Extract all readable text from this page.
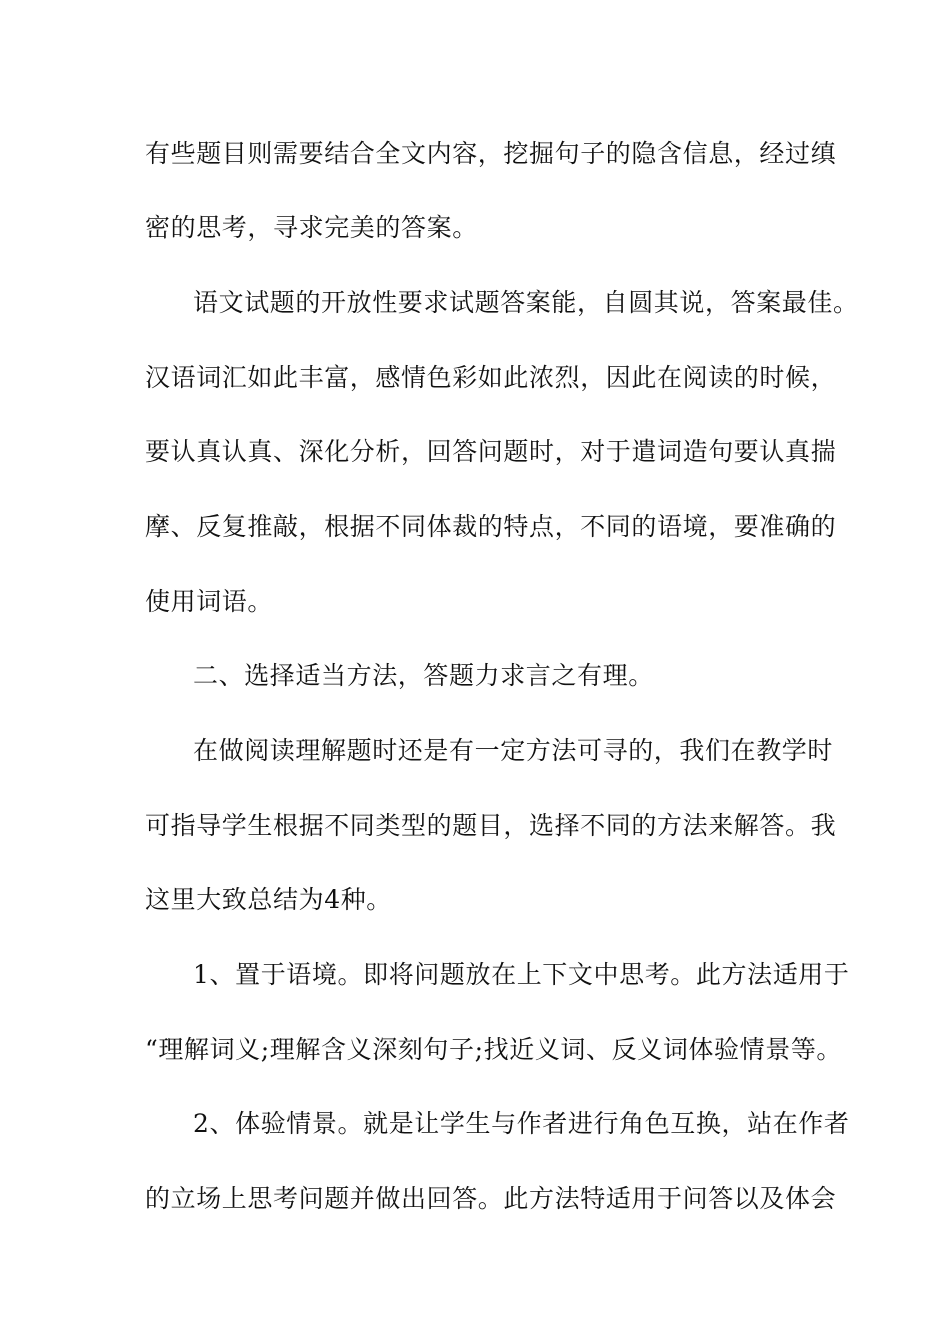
有些题目则需要结合全文内容，挖掘句子的隐含信息，经过缜
密的思考，寻求完美的答案。
语文试题的开放性要求试题答案能，自圆其说，答案最佳。
汉语词汇如此丰富，感情色彩如此浓烈，因此在阅读的时候，
要认真认真、深化分析，回答问题时，对于遣词造句要认真揣
摩、反复推敲，根据不同体裁的特点，不同的语境，要准确的
使用词语。
二、选择适当方法，答题力求言之有理。
在做阅读理解题时还是有一定方法可寻的，我们在教学时
可指导学生根据不同类型的题目，选择不同的方法来解答。我
这里大致总结为4种。
1、置于语境。即将问题放在上下文中思考。此方法适用于
“理解词义;理解含义深刻句子;找近义词、反义词体验情景等。
2、体验情景。就是让学生与作者进行角色互换，站在作者
的立场上思考问题并做出回答。此方法特适用于问答以及体会
